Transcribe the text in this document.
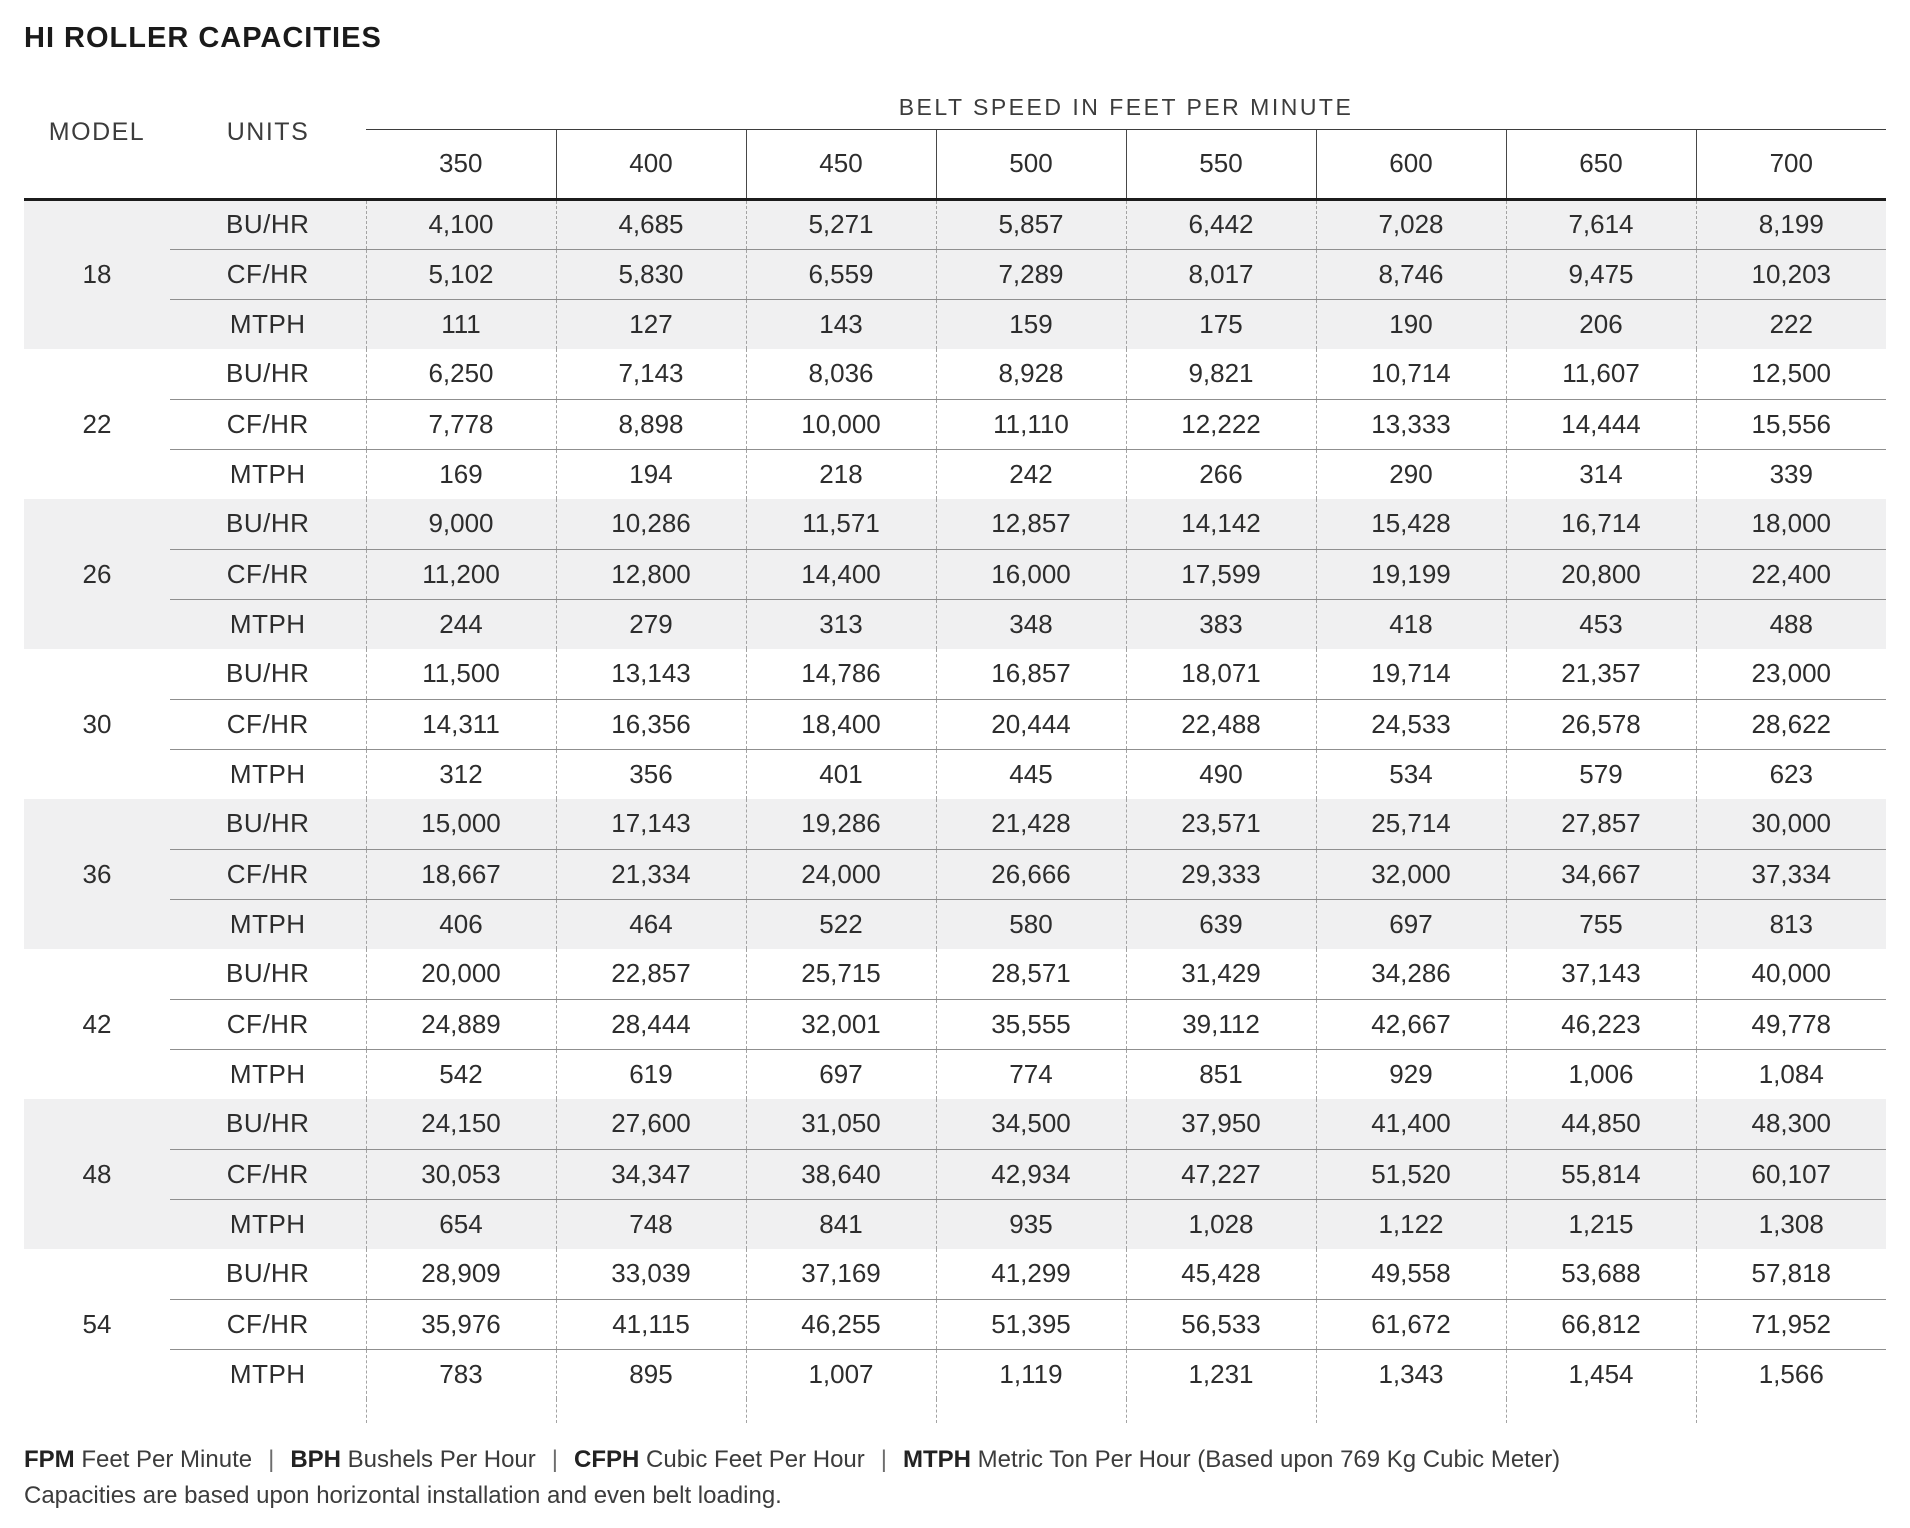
HI ROLLER CAPACITIES
MODEL	UNITS	BELT SPEED IN FEET PER MINUTE							
		350	400	450	500	550	600	650	700
18	BU/HR	4,100	4,685	5,271	5,857	6,442	7,028	7,614	8,199
	CF/HR	5,102	5,830	6,559	7,289	8,017	8,746	9,475	10,203
	MTPH	111	127	143	159	175	190	206	222
22	BU/HR	6,250	7,143	8,036	8,928	9,821	10,714	11,607	12,500
	CF/HR	7,778	8,898	10,000	11,110	12,222	13,333	14,444	15,556
	MTPH	169	194	218	242	266	290	314	339
26	BU/HR	9,000	10,286	11,571	12,857	14,142	15,428	16,714	18,000
	CF/HR	11,200	12,800	14,400	16,000	17,599	19,199	20,800	22,400
	MTPH	244	279	313	348	383	418	453	488
30	BU/HR	11,500	13,143	14,786	16,857	18,071	19,714	21,357	23,000
	CF/HR	14,311	16,356	18,400	20,444	22,488	24,533	26,578	28,622
	MTPH	312	356	401	445	490	534	579	623
36	BU/HR	15,000	17,143	19,286	21,428	23,571	25,714	27,857	30,000
	CF/HR	18,667	21,334	24,000	26,666	29,333	32,000	34,667	37,334
	MTPH	406	464	522	580	639	697	755	813
42	BU/HR	20,000	22,857	25,715	28,571	31,429	34,286	37,143	40,000
	CF/HR	24,889	28,444	32,001	35,555	39,112	42,667	46,223	49,778
	MTPH	542	619	697	774	851	929	1,006	1,084
48	BU/HR	24,150	27,600	31,050	34,500	37,950	41,400	44,850	48,300
	CF/HR	30,053	34,347	38,640	42,934	47,227	51,520	55,814	60,107
	MTPH	654	748	841	935	1,028	1,122	1,215	1,308
54	BU/HR	28,909	33,039	37,169	41,299	45,428	49,558	53,688	57,818
	CF/HR	35,976	41,115	46,255	51,395	56,533	61,672	66,812	71,952
	MTPH	783	895	1,007	1,119	1,231	1,343	1,454	1,566

FPM Feet Per Minute | BPH Bushels Per Hour | CFPH Cubic Feet Per Hour | MTPH Metric Ton Per Hour (Based upon 769 Kg Cubic Meter)
Capacities are based upon horizontal installation and even belt loading.
